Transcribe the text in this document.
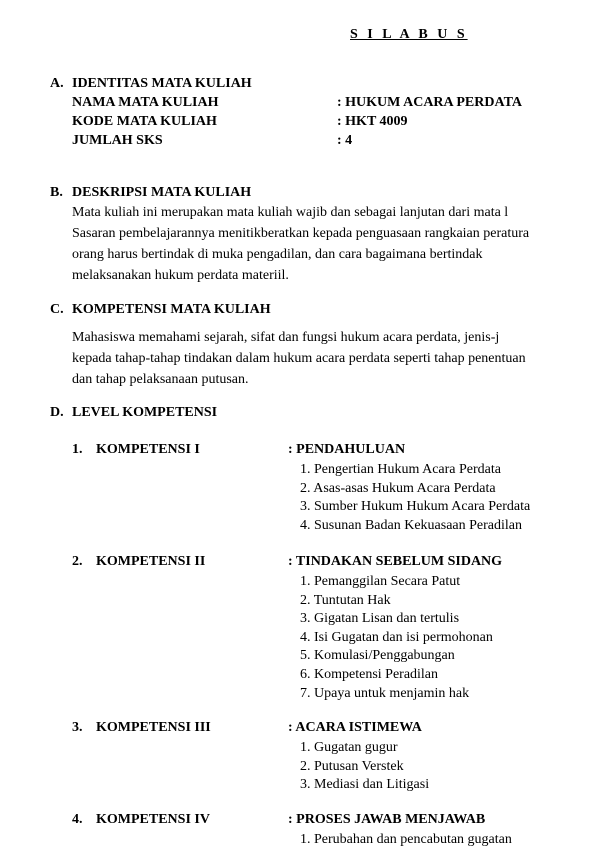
S I L A B U S
A. IDENTITAS MATA KULIAH
NAMA MATA KULIAH	: HUKUM ACARA PERDATA
KODE MATA KULIAH	: HKT 4009
JUMLAH SKS	: 4
B. DESKRIPSI MATA KULIAH
Mata kuliah ini merupakan mata kuliah wajib dan sebagai lanjutan dari mata l
Sasaran pembelajarannya menitikberatkan kepada penguasaan rangkaian peratura
orang harus bertindak di muka pengadilan, dan cara bagaimana bertindak
melaksanakan hukum perdata materiil.
C. KOMPETENSI MATA KULIAH
Mahasiswa memahami sejarah, sifat dan fungsi hukum acara perdata, jenis-j
kepada tahap-tahap tindakan dalam hukum acara perdata seperti tahap penentuan
dan tahap pelaksanaan putusan.
D. LEVEL KOMPETENSI
1. KOMPETENSI I	: PENDAHULUAN
1. Pengertian Hukum Acara Perdata
2. Asas-asas Hukum Acara Perdata
3. Sumber Hukum Hukum Acara Perdata
4. Susunan Badan Kekuasaan Peradilan
2. KOMPETENSI II	: TINDAKAN SEBELUM SIDANG
1. Pemanggilan Secara Patut
2. Tuntutan Hak
3. Gigatan Lisan dan tertulis
4. Isi Gugatan dan isi permohonan
5. Komulasi/Penggabungan
6. Kompetensi Peradilan
7. Upaya untuk menjamin hak
3. KOMPETENSI III	: ACARA ISTIMEWA
1. Gugatan gugur
2. Putusan Verstek
3. Mediasi dan Litigasi
4. KOMPETENSI IV	: PROSES JAWAB MENJAWAB
1. Perubahan dan pencabutan gugatan
